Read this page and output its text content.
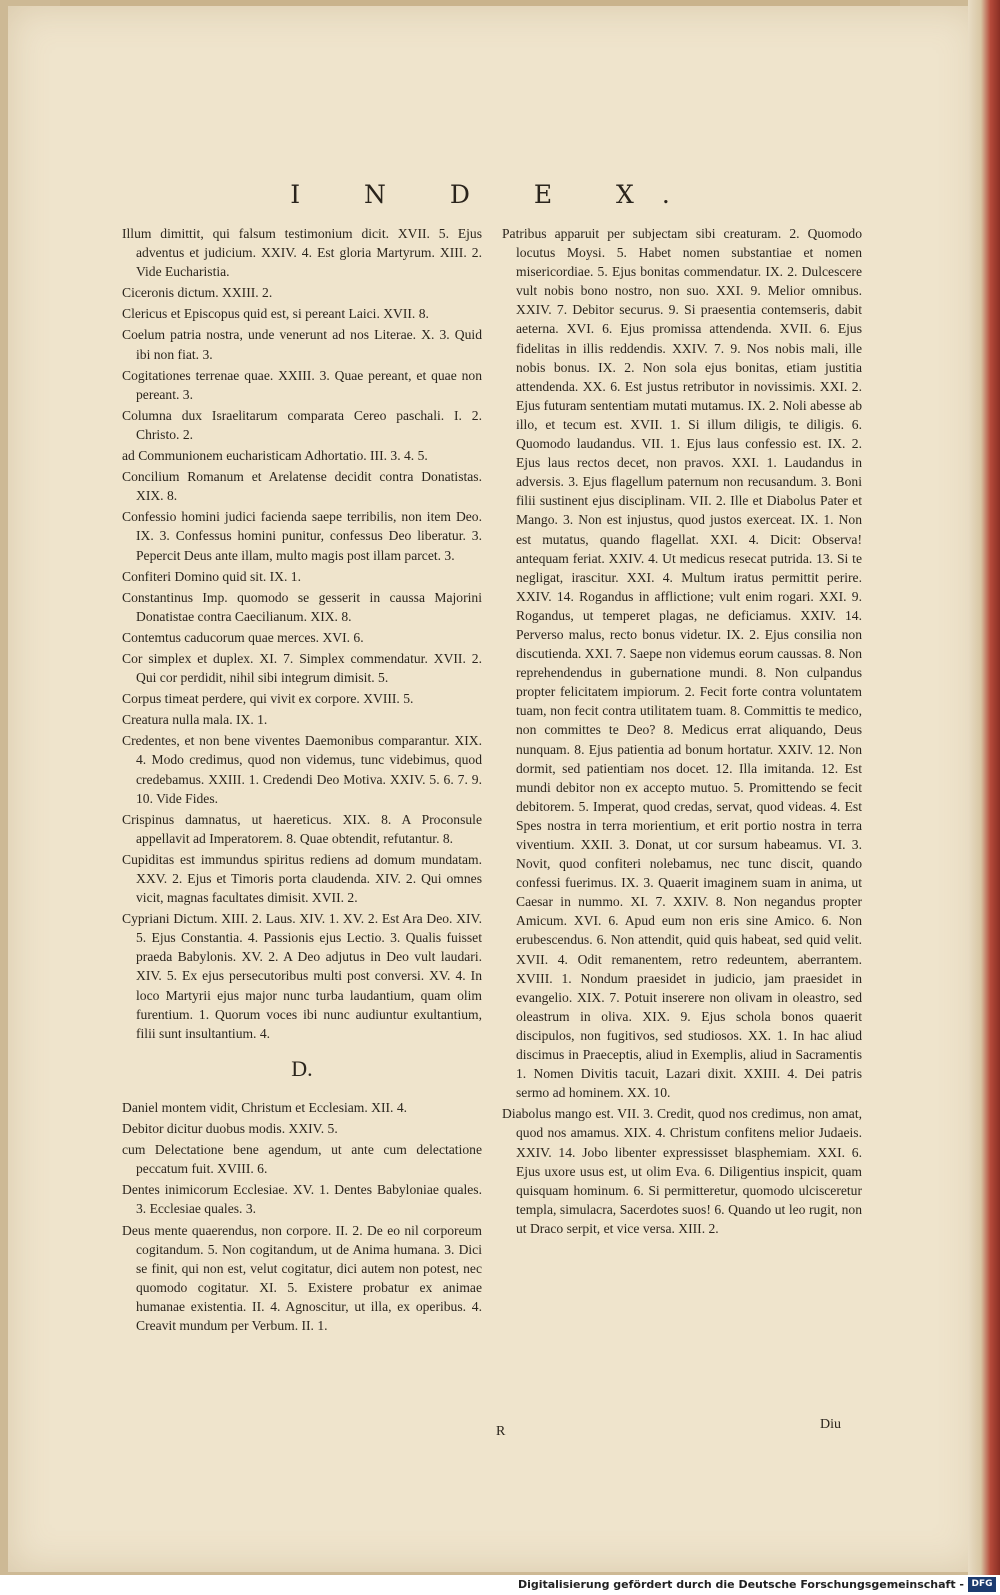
I N D E X.
Illum dimittit, qui falsum testimonium dicit. XVII. 5. Ejus adventus et judicium. XXIV. 4. Est gloria Martyrum. XIII. 2. Vide Eucharistia.
Ciceronis dictum. XXIII. 2.
Clericus et Episcopus quid est, si pereant Laici. XVII. 8.
Coelum patria nostra, unde venerunt ad nos Literae. X. 3. Quid ibi non fiat. 3.
Cogitationes terrenae quae. XXIII. 3. Quae pereant, et quae non pereant. 3.
Columna dux Israelitarum comparata Cereo paschali. I. 2. Christo. 2.
ad Communionem eucharisticam Adhortatio. III. 3. 4. 5.
Concilium Romanum et Arelatense decidit contra Donatistas. XIX. 8.
Confessio homini judici facienda saepe terribilis, non item Deo. IX. 3. Confessus homini punitur, confessus Deo liberatur. 3. Pepercit Deus ante illam, multo magis post illam parcet. 3.
Confiteri Domino quid sit. IX. 1.
Constantinus Imp. quomodo se gesserit in caussa Majorini Donatistae contra Caecilianum. XIX. 8.
Contemtus caducorum quae merces. XVI. 6.
Cor simplex et duplex. XI. 7. Simplex commendatur. XVII. 2. Qui cor perdidit, nihil sibi integrum dimisit. 5.
Corpus timeat perdere, qui vivit ex corpore. XVIII. 5.
Creatura nulla mala. IX. 1.
Credentes, et non bene viventes Daemonibus comparantur. XIX. 4. Modo credimus, quod non videmus, tunc videbimus, quod credebamus. XXIII. 1. Credendi Deo Motiva. XXIV. 5. 6. 7. 9. 10. Vide Fides.
Crispinus damnatus, ut haereticus. XIX. 8. A Proconsule appellavit ad Imperatorem. 8. Quae obtendit, refutantur. 8.
Cupiditas est immundus spiritus rediens ad domum mundatam. XXV. 2. Ejus et Timoris porta claudenda. XIV. 2. Qui omnes vicit, magnas facultates dimisit. XVII. 2.
Cypriani Dictum. XIII. 2. Laus. XIV. 1. XV. 2. Est Ara Deo. XIV. 5. Ejus Constantia. 4. Passionis ejus Lectio. 3. Qualis fuisset praeda Babylonis. XV. 2. A Deo adjutus in Deo vult laudari. XIV. 5. Ex ejus persecutoribus multi post conversi. XV. 4. In loco Martyrii ejus major nunc turba laudantium, quam olim furentium. 1. Quorum voces ibi nunc audiuntur exultantium, filii sunt insultantium. 4.
D.
Daniel montem vidit, Christum et Ecclesiam. XII. 4.
Debitor dicitur duobus modis. XXIV. 5.
cum Delectatione bene agendum, ut ante cum delectatione peccatum fuit. XVIII. 6.
Dentes inimicorum Ecclesiae. XV. 1. Dentes Babyloniae quales. 3. Ecclesiae quales. 3.
Deus mente quaerendus, non corpore. II. 2. De eo nil corporeum cogitandum. 5. Non cogitandum, ut de Anima humana. 3. Dici se finit, qui non est, velut cogitatur, dici autem non potest, nec quomodo cogitatur. XI. 5. Existere probatur ex animae humanae existentia. II. 4. Agnoscitur, ut illa, ex operibus. 4. Creavit mundum per Verbum. II. 1.
Patribus apparuit per subjectam sibi creaturam. 2. Quomodo locutus Moysi. 5. Habet nomen substantiae et nomen misericordiae. 5. Ejus bonitas commendatur. IX. 2. Dulcescere vult nobis bono nostro, non suo. XXI. 9. Melior omnibus. XXIV. 7. Debitor securus. 9. Si praesentia contemseris, dabit aeterna. XVI. 6. Ejus promissa attendenda. XVII. 6. Ejus fidelitas in illis reddendis. XXIV. 7. 9. Nos nobis mali, ille nobis bonus. IX. 2. Non sola ejus bonitas, etiam justitia attendenda. XX. 6. Est justus retributor in novissimis. XXI. 2. Ejus futuram sententiam mutati mutamus. IX. 2. Noli abesse ab illo, et tecum est. XVII. 1. Si illum diligis, te diligis. 6. Quomodo laudandus. VII. 1. Ejus laus confessio est. IX. 2. Ejus laus rectos decet, non pravos. XXI. 1. Laudandus in adversis. 3. Ejus flagellum paternum non recusandum. 3. Boni filii sustinent ejus disciplinam. VII. 2. Ille et Diabolus Pater et Mango. 3. Non est injustus, quod justos exerceat. IX. 1. Non est mutatus, quando flagellat. XXI. 4. Dicit: Observa! antequam feriat. XXIV. 4. Ut medicus resecat putrida. 13. Si te negligat, irascitur. XXI. 4. Multum iratus permittit perire. XXIV. 14. Rogandus in afflictione; vult enim rogari. XXI. 9. Rogandus, ut temperet plagas, ne deficiamus. XXIV. 14. Perverso malus, recto bonus videtur. IX. 2. Ejus consilia non discutienda. XXI. 7. Saepe non videmus eorum caussas. 8. Non reprehendendus in gubernatione mundi. 8. Non culpandus propter felicitatem impiorum. 2. Fecit forte contra voluntatem tuam, non fecit contra utilitatem tuam. 8. Committis te medico, non committes te Deo? 8. Medicus errat aliquando, Deus nunquam. 8. Ejus patientia ad bonum hortatur. XXIV. 12. Non dormit, sed patientiam nos docet. 12. Illa imitanda. 12. Est mundi debitor non ex accepto mutuo. 5. Promittendo se fecit debitorem. 5. Imperat, quod credas, servat, quod videas. 4. Est Spes nostra in terra morientium, et erit portio nostra in terra viventium. XXII. 3. Donat, ut cor sursum habeamus. VI. 3. Novit, quod confiteri nolebamus, nec tunc discit, quando confessi fuerimus. IX. 3. Quaerit imaginem suam in anima, ut Caesar in nummo. XI. 7. XXIV. 8. Non negandus propter Amicum. XVI. 6. Apud eum non eris sine Amico. 6. Non erubescendus. 6. Non attendit, quid quis habeat, sed quid velit. XVII. 4. Odit remanentem, retro redeuntem, aberrantem. XVIII. 1. Nondum praesidet in judicio, jam praesidet in evangelio. XIX. 7. Potuit inserere non olivam in oleastro, sed oleastrum in oliva. XIX. 9. Ejus schola bonos quaerit discipulos, non fugitivos, sed studiosos. XX. 1. In hac aliud discimus in Praeceptis, aliud in Exemplis, aliud in Sacramentis 1. Nomen Divitis tacuit, Lazari dixit. XXIII. 4. Dei patris sermo ad hominem. XX. 10.
Diabolus mango est. VII. 3. Credit, quod nos credimus, non amat, quod nos amamus. XIX. 4. Christum confitens melior Judaeis. XXIV. 14. Jobo libenter expressisset blasphemiam. XXI. 6. Ejus uxore usus est, ut olim Eva. 6. Diligentius inspicit, quam quisquam hominum. 6. Si permitteretur, quomodo ulcisceretur templa, simulacra, Sacerdotes suos! 6. Quando ut leo rugit, non ut Draco serpit, et vice versa. XIII. 2.
R	Diu
Digitalisierung gefördert durch die Deutsche Forschungsgemeinschaft - DFG
